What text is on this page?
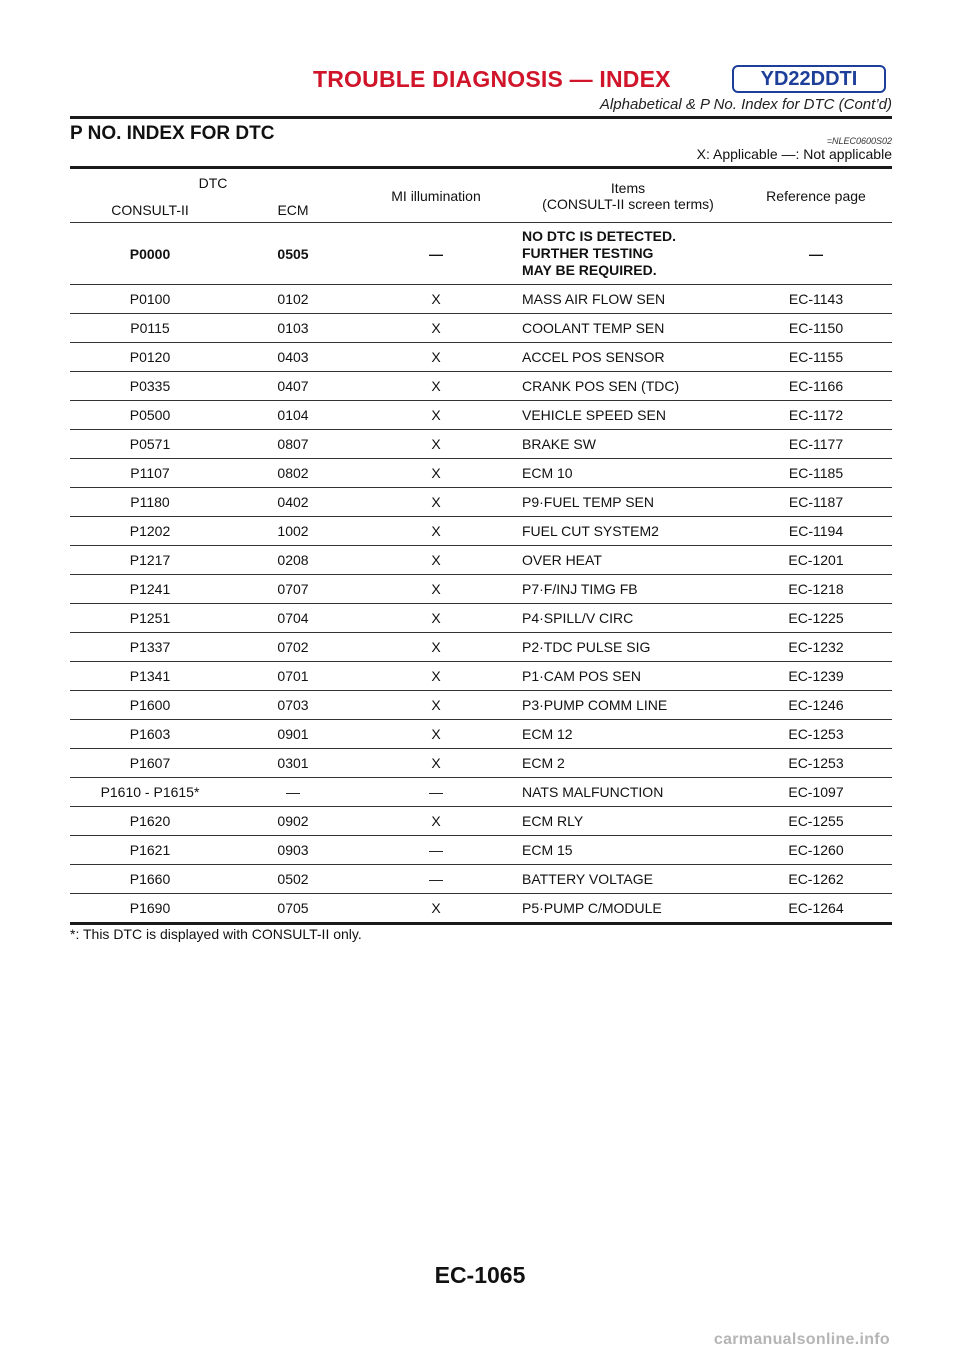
TROUBLE DIAGNOSIS — INDEX	YD22DDTI
Alphabetical & P No. Index for DTC (Cont’d)
P NO. INDEX FOR DTC	=NLEC0600S02
X: Applicable —: Not applicable
DTC		MI illumination	Items
(CONSULT-II screen terms)	Reference page
CONSULT-II	ECM			
P0000	0505	—	NO DTC IS DETECTED.
FURTHER TESTING
MAY BE REQUIRED.	—
P0100	0102	X	MASS AIR FLOW SEN	EC-1143
P0115	0103	X	COOLANT TEMP SEN	EC-1150
P0120	0403	X	ACCEL POS SENSOR	EC-1155
P0335	0407	X	CRANK POS SEN (TDC)	EC-1166
P0500	0104	X	VEHICLE SPEED SEN	EC-1172
P0571	0807	X	BRAKE SW	EC-1177
P1107	0802	X	ECM 10	EC-1185
P1180	0402	X	P9·FUEL TEMP SEN	EC-1187
P1202	1002	X	FUEL CUT SYSTEM2	EC-1194
P1217	0208	X	OVER HEAT	EC-1201
P1241	0707	X	P7·F/INJ TIMG FB	EC-1218
P1251	0704	X	P4·SPILL/V CIRC	EC-1225
P1337	0702	X	P2·TDC PULSE SIG	EC-1232
P1341	0701	X	P1·CAM POS SEN	EC-1239
P1600	0703	X	P3·PUMP COMM LINE	EC-1246
P1603	0901	X	ECM 12	EC-1253
P1607	0301	X	ECM 2	EC-1253
P1610 - P1615*	—	—	NATS MALFUNCTION	EC-1097
P1620	0902	X	ECM RLY	EC-1255
P1621	0903	—	ECM 15	EC-1260
P1660	0502	—	BATTERY VOLTAGE	EC-1262
P1690	0705	X	P5·PUMP C/MODULE	EC-1264
*: This DTC is displayed with CONSULT-II only.
EC-1065
carmanualsonline.info
